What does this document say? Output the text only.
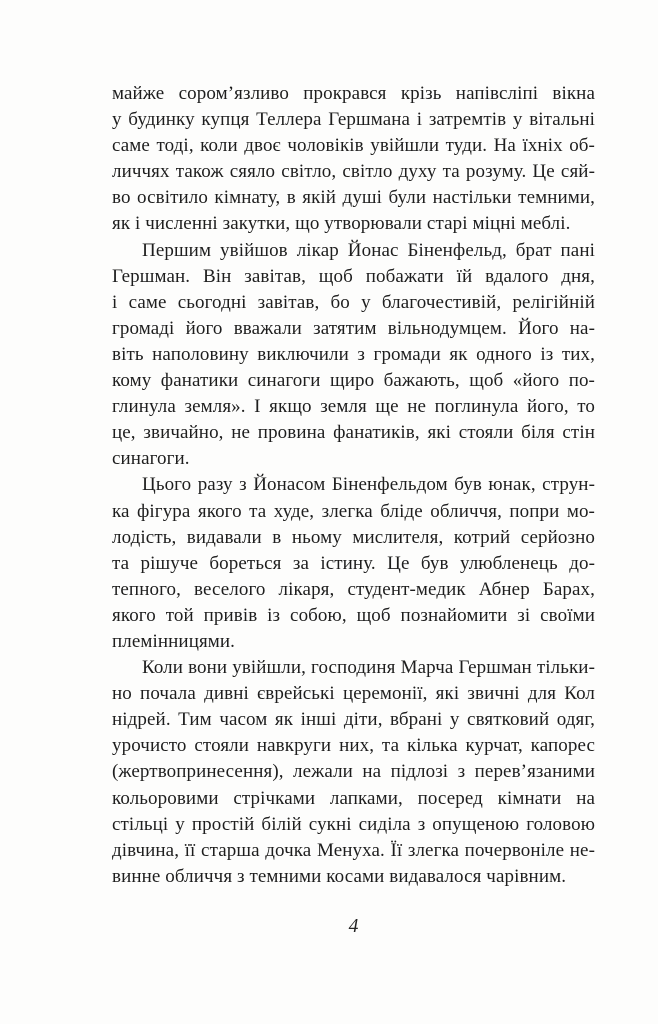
майже сором’язливо прокрався крізь напівсліпі вікна
у будинку купця Теллера Гершмана і затремтів у вітальні
саме тоді, коли двоє чоловіків увійшли туди. На їхніх об-
личчях також сяяло світло, світло духу та розуму. Це сяй-
во освітило кімнату, в якій душі були настільки темними,
як і численні закутки, що утворювали старі міцні меблі.
Першим увійшов лікар Йонас Біненфельд, брат пані
Гершман. Він завітав, щоб побажати їй вдалого дня,
і саме сьогодні завітав, бо у благочестивій, релігійній
громаді його вважали затятим вільнодумцем. Його на-
віть наполовину виключили з громади як одного із тих,
кому фанатики синагоги щиро бажають, щоб «його по-
глинула земля». І якщо земля ще не поглинула його, то
це, звичайно, не провина фанатиків, які стояли біля стін
синагоги.
Цього разу з Йонасом Біненфельдом був юнак, струн-
ка фігура якого та худе, злегка бліде обличчя, попри мо-
лодість, видавали в ньому мислителя, котрий серйозно
та рішуче бореться за істину. Це був улюбленець до-
тепного, веселого лікаря, студент-медик Абнер Барах,
якого той привів із собою, щоб познайомити зі своїми
племінницями.
Коли вони увійшли, господиня Марча Гершман тільки-
но почала дивні єврейські церемонії, які звичні для Кол
нідрей. Тим часом як інші діти, вбрані у святковий одяг,
урочисто стояли навкруги них, та кілька курчат, капорес
(жертвопринесення), лежали на підлозі з перев’язаними
кольоровими стрічками лапками, посеред кімнати на
стільці у простій білій сукні сиділа з опущеною головою
дівчина, її старша дочка Менуха. Її злегка почервоніле не-
винне обличчя з темними косами видавалося чарівним.
4
